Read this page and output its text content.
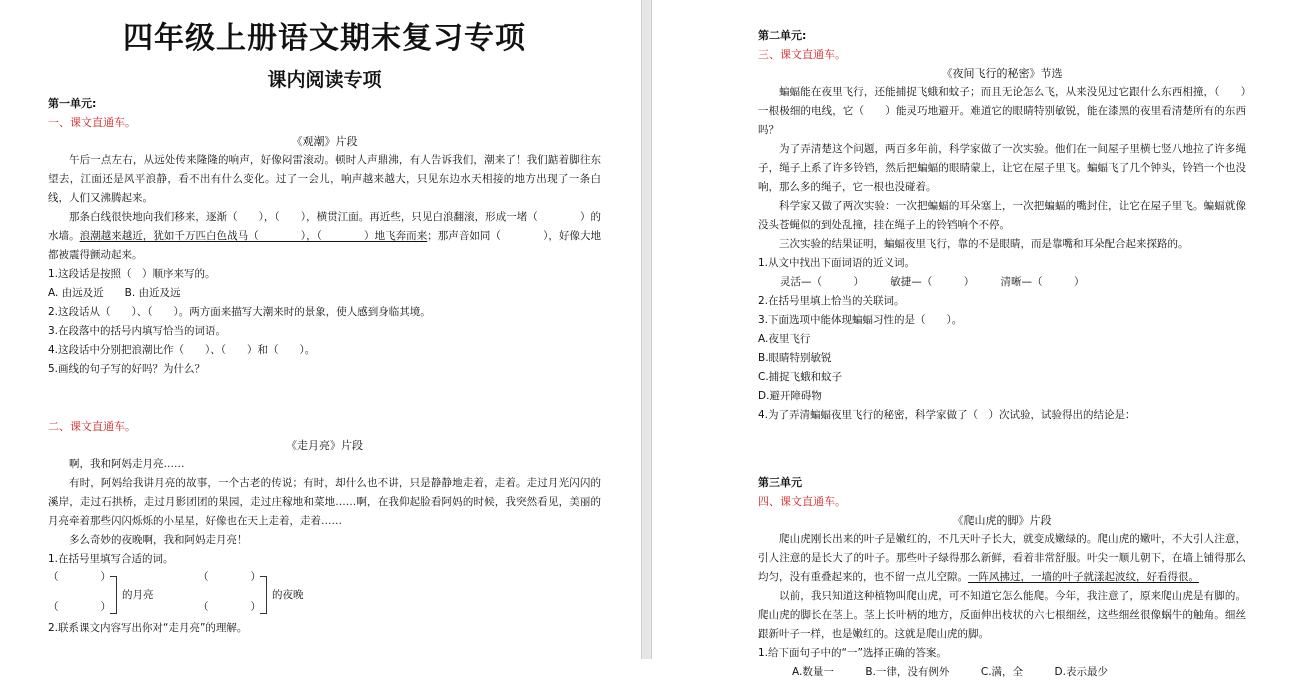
四年级上册语文期末复习专项
课内阅读专项
第一单元:
一、课文直通车。
《观潮》片段
午后一点左右，从远处传来隆隆的响声，好像闷雷滚动。顿时人声鼎沸，有人告诉我们，潮来了！我们踮着脚往东望去，江面还是风平浪静，看不出有什么变化。过了一会儿，响声越来越大，只见东边水天相接的地方出现了一条白线，人们又沸腾起来。
那条白线很快地向我们移来，逐渐（　　），（　　），横贯江面。再近些，只见白浪翻滚，形成一堵（　　　　）的水墙。浪潮越来越近，犹如千万匹白色战马（　　　　），（　　　　）地飞奔而来；那声音如同（　　　　），好像大地都被震得颤动起来。
1.这段话是按照（　）顺序来写的。
A. 由远及近　　B. 由近及远
2.这段话从（　　）、（　　）。两方面来描写大潮来时的景象，使人感到身临其境。
3.在段落中的括号内填写恰当的词语。
4.这段话中分别把浪潮比作（　　）、（　　）和（　　）。
5.画线的句子写的好吗？为什么？
二、课文直通车。
《走月亮》片段
啊，我和阿妈走月亮……
有时，阿妈给我讲月亮的故事，一个古老的传说；有时，却什么也不讲，只是静静地走着，走着。走过月光闪闪的溪岸，走过石拱桥，走过月影团团的果园，走过庄稼地和菜地……啊，在我仰起脸看阿妈的时候，我突然看见，美丽的月亮牵着那些闪闪烁烁的小星星，好像也在天上走着，走着……
多么奇妙的夜晚啊，我和阿妈走月亮！
1.在括号里填写合适的词。
（　　　　）
（　　　　）
的月亮
（　　　　）
（　　　　）
的夜晚
2.联系课文内容写出你对“走月亮”的理解。
第二单元:
三、课文直通车。
《夜间飞行的秘密》节选
蝙蝠能在夜里飞行，还能捕捉飞蛾和蚊子；而且无论怎么飞，从来没见过它跟什么东西相撞，（　　）一根极细的电线，它（　　）能灵巧地避开。难道它的眼睛特别敏锐，能在漆黑的夜里看清楚所有的东西吗？
为了弄清楚这个问题，两百多年前，科学家做了一次实验。他们在一间屋子里横七竖八地拉了许多绳子，绳子上系了许多铃铛，然后把蝙蝠的眼睛蒙上，让它在屋子里飞。蝙蝠飞了几个钟头，铃铛一个也没响，那么多的绳子，它一根也没碰着。
科学家又做了两次实验：一次把蝙蝠的耳朵塞上，一次把蝙蝠的嘴封住，让它在屋子里飞。蝙蝠就像没头苍蝇似的到处乱撞，挂在绳子上的铃铛响个不停。
三次实验的结果证明，蝙蝠夜里飞行，靠的不是眼睛，而是靠嘴和耳朵配合起来探路的。
1.从文中找出下面词语的近义词。
灵活—（　　　）　　　敏捷—（　　　）　　　清晰—（　　　）
2.在括号里填上恰当的关联词。
3.下面选项中能体现蝙蝠习性的是（　　）。
A.夜里飞行
B.眼睛特别敏锐
C.捕捉飞蛾和蚊子
D.避开障碍物
4.为了弄清蝙蝠夜里飞行的秘密，科学家做了（　）次试验，试验得出的结论是：
第三单元
四、课文直通车。
《爬山虎的脚》片段
爬山虎刚长出来的叶子是嫩红的，不几天叶子长大，就变成嫩绿的。爬山虎的嫩叶，不大引人注意，引人注意的是长大了的叶子。那些叶子绿得那么新鲜，看着非常舒服。叶尖一顺儿朝下，在墙上铺得那么均匀，没有重叠起来的，也不留一点儿空隙。一阵风拂过，一墙的叶子就漾起波纹，好看得很。
以前，我只知道这种植物叫爬山虎，可不知道它怎么能爬。今年，我注意了，原来爬山虎是有脚的。爬山虎的脚长在茎上。茎上长叶柄的地方，反面伸出枝状的六七根细丝，这些细丝很像蜗牛的触角。细丝跟新叶子一样，也是嫩红的。这就是爬山虎的脚。
1.给下面句子中的“一”选择正确的答案。
A.数量一　　　B.一律，没有例外　　　C.满，全　　　D.表示最少
